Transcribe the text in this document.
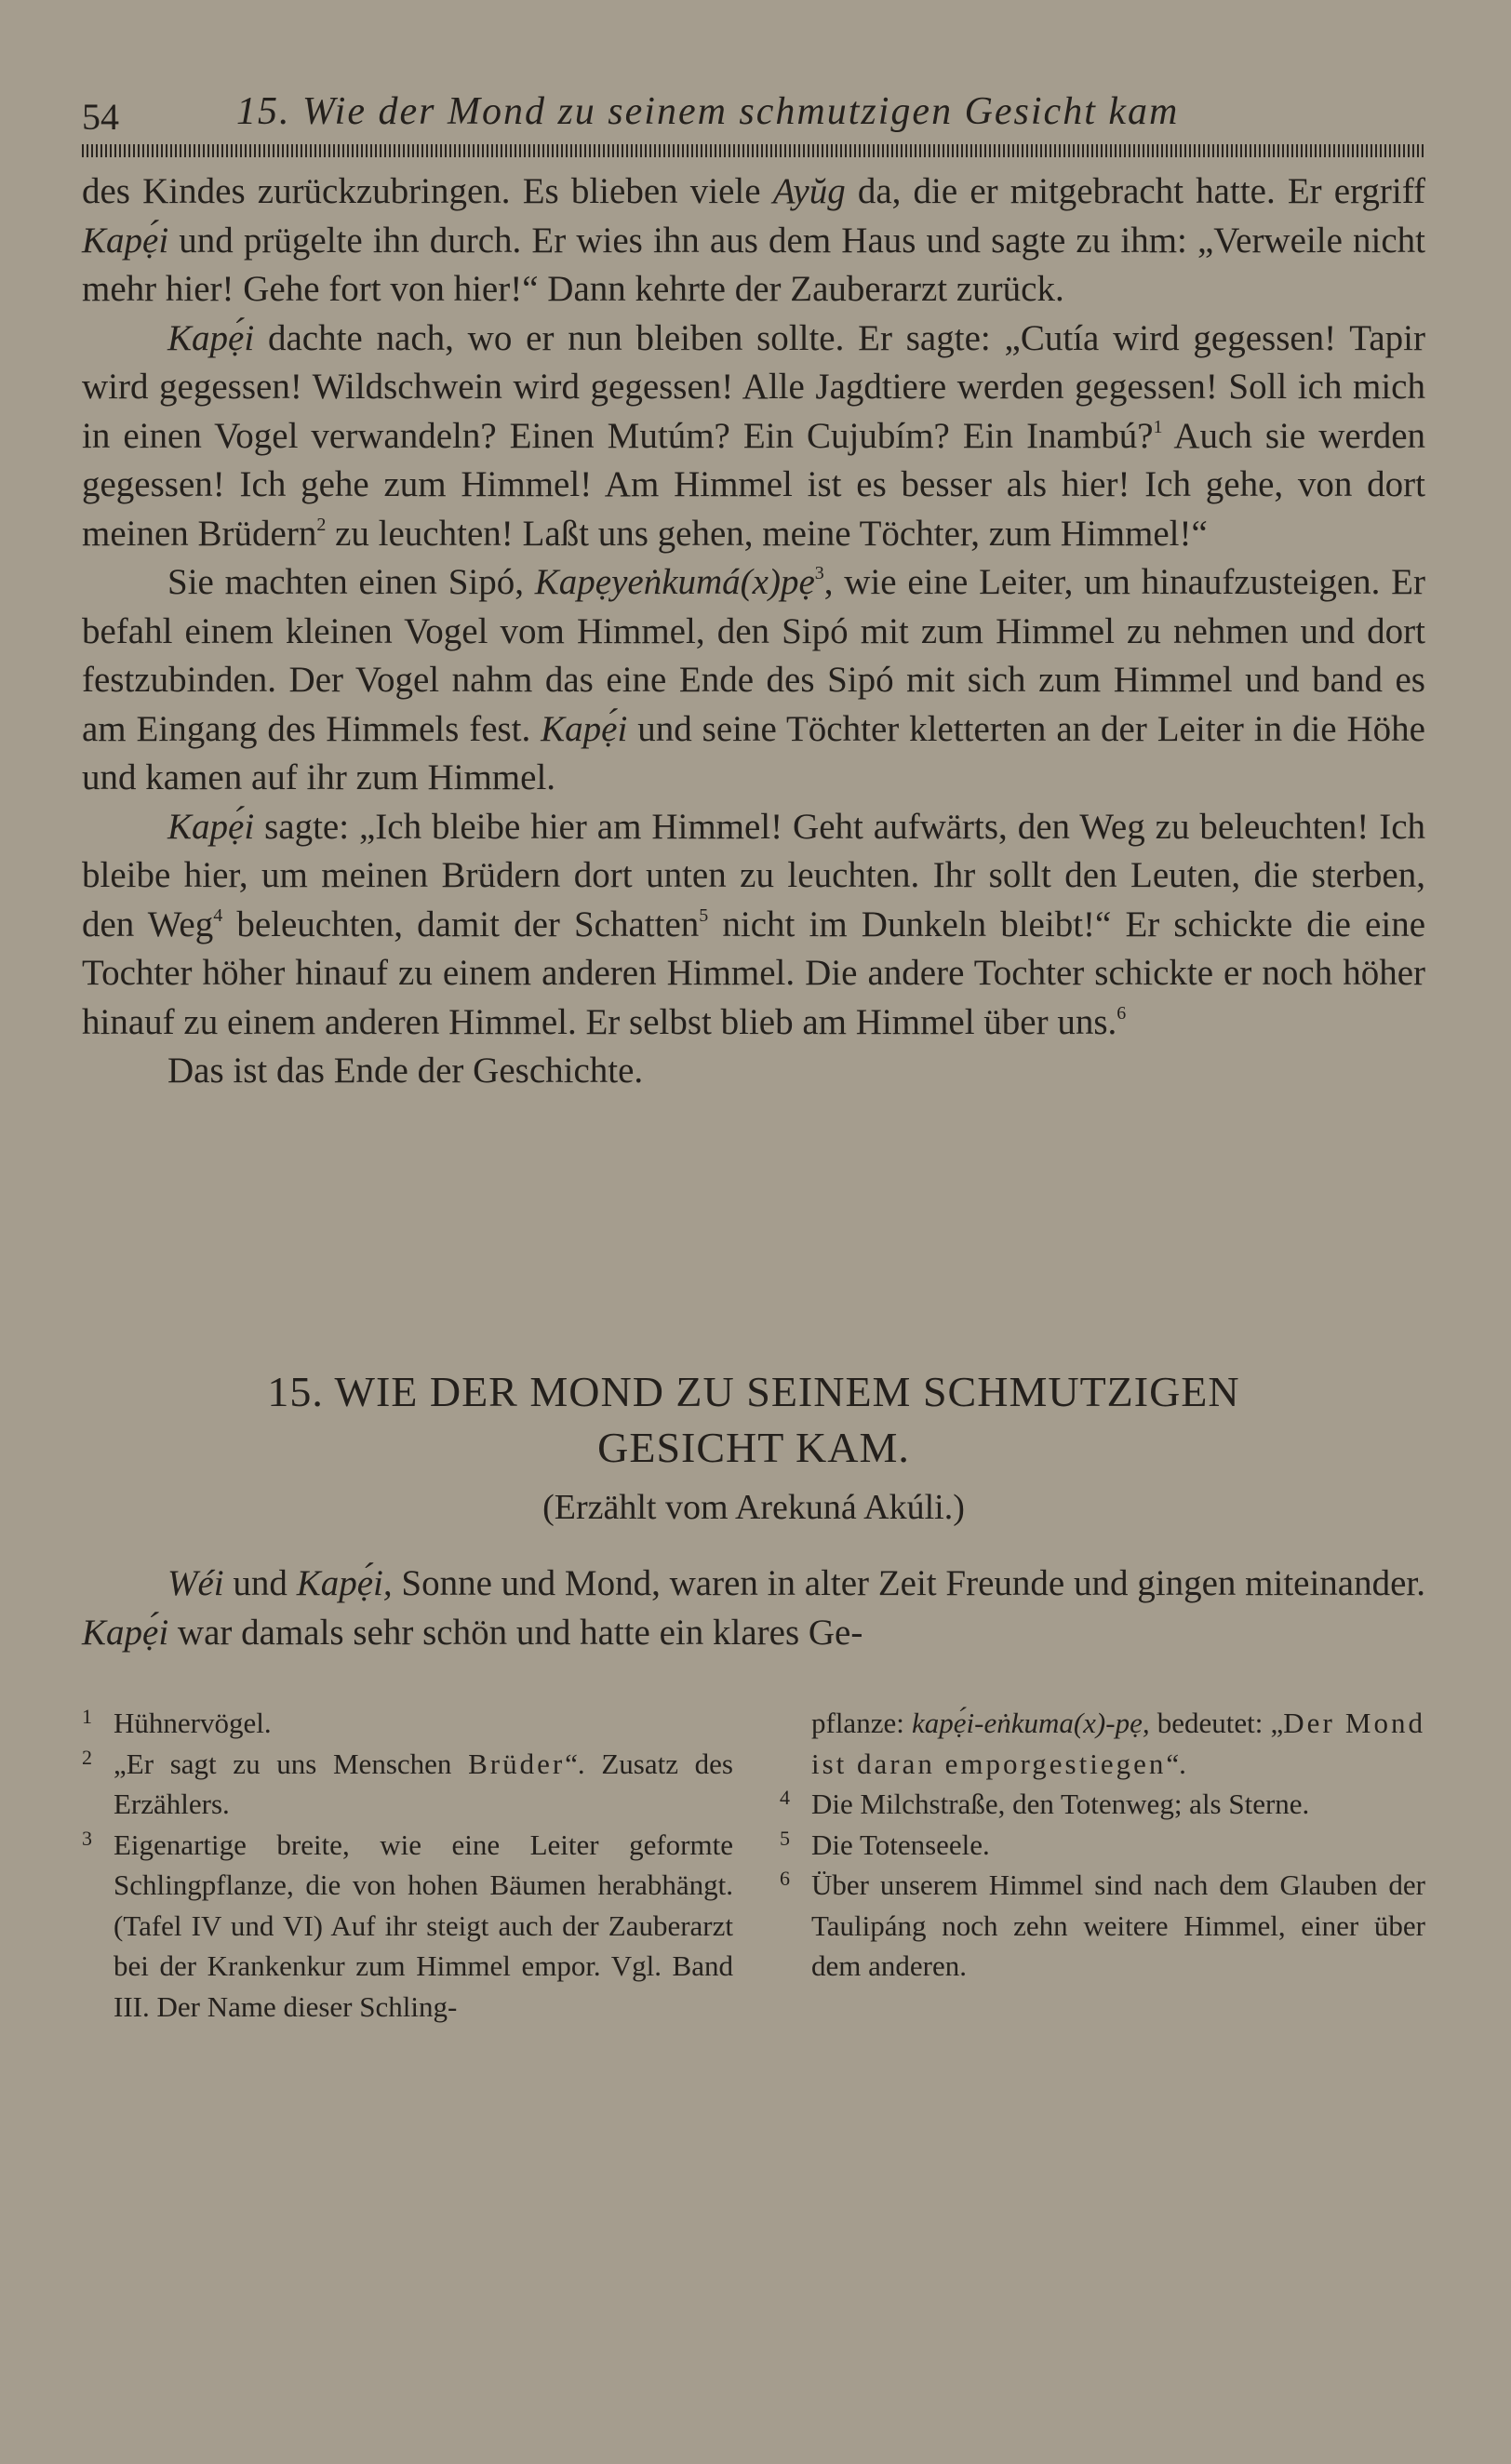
54	15. Wie der Mond zu seinem schmutzigen Gesicht kam

des Kindes zurückzubringen. Es blieben viele Ayŭg da, die er mitgebracht hatte. Er ergriff Kapẹ́i und prügelte ihn durch. Er wies ihn aus dem Haus und sagte zu ihm: „Verweile nicht mehr hier! Gehe fort von hier!“ Dann kehrte der Zauberarzt zurück.

Kapẹ́i dachte nach, wo er nun bleiben sollte. Er sagte: „Cutía wird gegessen! Tapir wird gegessen! Wildschwein wird gegessen! Alle Jagdtiere werden gegessen! Soll ich mich in einen Vogel verwandeln? Einen Mutúm? Ein Cujubím? Ein Inambú?$^1$ Auch sie werden gegessen! Ich gehe zum Himmel! Am Himmel ist es besser als hier! Ich gehe, von dort meinen Brüdern$^2$ zu leuchten! Laßt uns gehen, meine Töchter, zum Himmel!“

Sie machten einen Sipó, Kapẹyeṅkumá(x)pẹ$^3$, wie eine Leiter, um hinaufzusteigen. Er befahl einem kleinen Vogel vom Himmel, den Sipó mit zum Himmel zu nehmen und dort festzubinden. Der Vogel nahm das eine Ende des Sipó mit sich zum Himmel und band es am Eingang des Himmels fest. Kapẹ́i und seine Töchter kletterten an der Leiter in die Höhe und kamen auf ihr zum Himmel.

Kapẹ́i sagte: „Ich bleibe hier am Himmel! Geht aufwärts, den Weg zu beleuchten! Ich bleibe hier, um meinen Brüdern dort unten zu leuchten. Ihr sollt den Leuten, die sterben, den Weg$^4$ beleuchten, damit der Schatten$^5$ nicht im Dunkeln bleibt!“ Er schickte die eine Tochter höher hinauf zu einem anderen Himmel. Die andere Tochter schickte er noch höher hinauf zu einem anderen Himmel. Er selbst blieb am Himmel über uns.$^6$

Das ist das Ende der Geschichte.

15. WIE DER MOND ZU SEINEM SCHMUTZIGEN
GESICHT KAM.
(Erzählt vom Arekuná Akúli.)

Wéi und Kapẹ́i, Sonne und Mond, waren in alter Zeit Freunde und gingen miteinander. Kapẹ́i war damals sehr schön und hatte ein klares Ge-

1 Hühnervögel.
2 „Er sagt zu uns Menschen Brüder“. Zusatz des Erzählers.
3 Eigenartige breite, wie eine Leiter geformte Schlingpflanze, die von hohen Bäumen herabhängt. (Tafel IV und VI) Auf ihr steigt auch der Zauberarzt bei der Krankenkur zum Himmel empor. Vgl. Band III. Der Name dieser Schling-
pflanze: kapẹ́i-eṅkuma(x)-pẹ, bedeutet: „Der Mond ist daran emporgestiegen“.
4 Die Milchstraße, den Totenweg; als Sterne.
5 Die Totenseele.
6 Über unserem Himmel sind nach dem Glauben der Taulipáng noch zehn weitere Himmel, einer über dem anderen.
